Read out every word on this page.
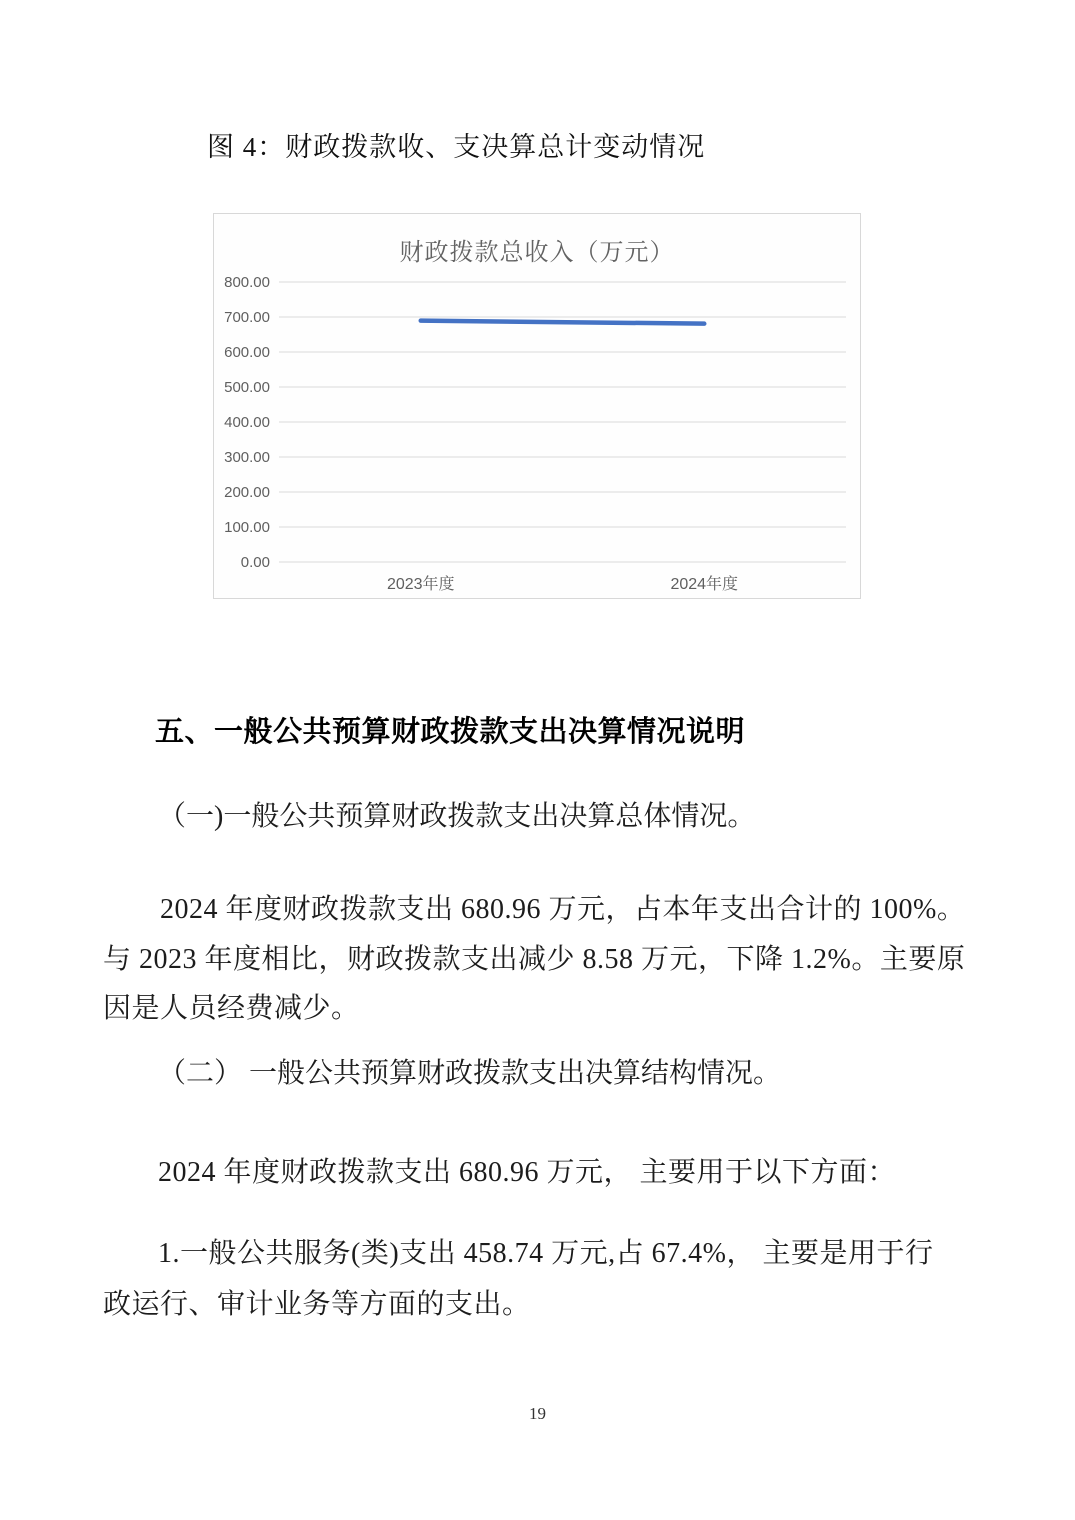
图 4：财政拨款收、支决算总计变动情况
财政拨款总收入（万元）
0.00
100.00
200.00
300.00
400.00
500.00
600.00
700.00
800.00
2023年度	2024年度
五、一般公共预算财政拨款支出决算情况说明
（一)一般公共预算财政拨款支出决算总体情况。
2024 年度财政拨款支出 680.96 万元，占本年支出合计的 100%。
与 2023 年度相比，财政拨款支出减少 8.58 万元，下降 1.2%。主要原
因是人员经费减少。
（二） 一般公共预算财政拨款支出决算结构情况。
2024 年度财政拨款支出 680.96 万元， 主要用于以下方面：
1.一般公共服务(类)支出 458.74 万元,占 67.4%， 主要是用于行
政运行、审计业务等方面的支出。
19
